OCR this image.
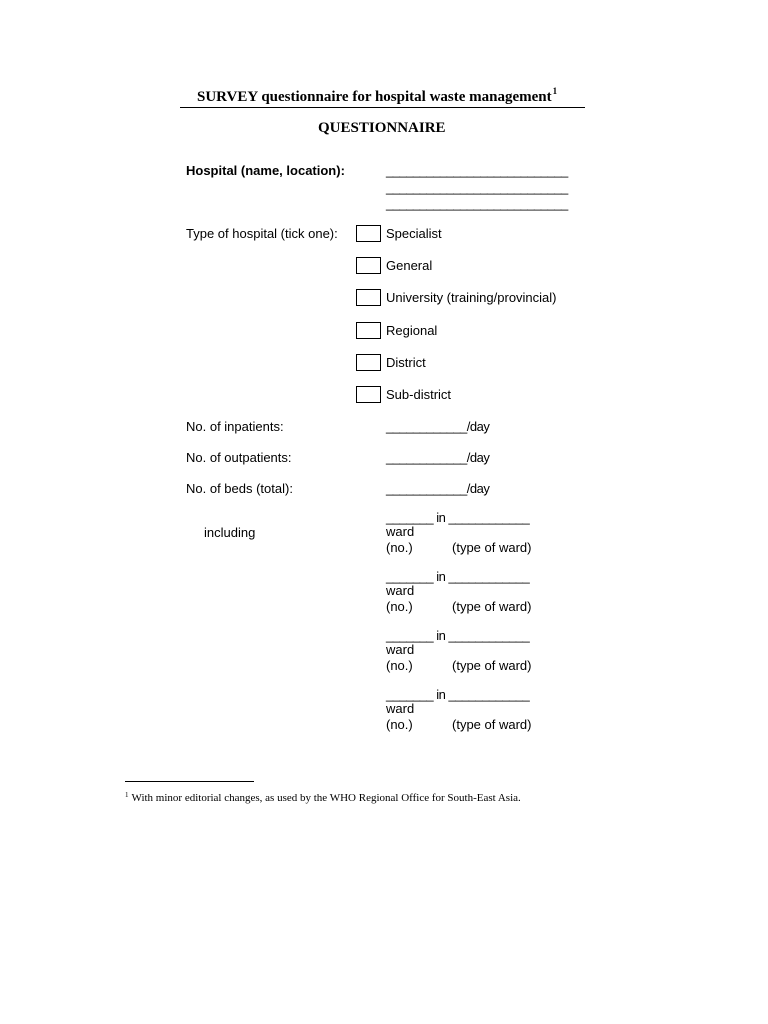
SURVEY questionnaire for hospital waste management$^1$
QUESTIONNAIRE
Hospital (name, location):	___________________________
___________________________
___________________________
Type of hospital (tick one):	Specialist
General
University (training/provincial)
Regional
District
Sub-district
No. of inpatients:	____________/day
No. of outpatients:	____________/day
No. of beds (total):	____________/day
including
_______ in ____________
ward
(no.)	(type of ward)
_______ in ____________
ward
(no.)	(type of ward)
_______ in ____________
ward
(no.)	(type of ward)
_______ in ____________
ward
(no.)	(type of ward)
$^1$ With minor editorial changes, as used by the WHO Regional Office for South-East Asia.
